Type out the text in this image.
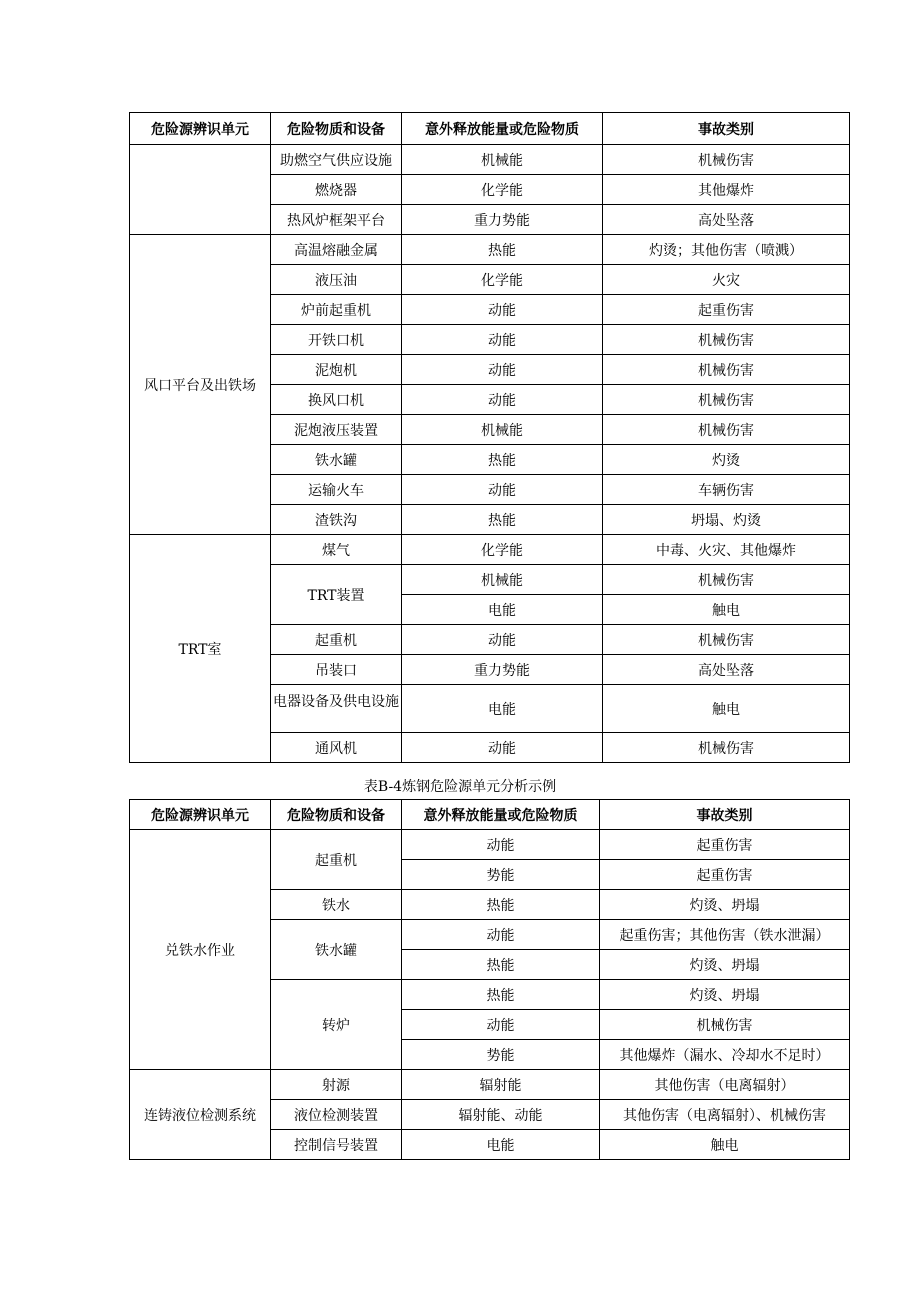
危险源辨识单元	危险物质和设备	意外释放能量或危险物质	事故类别
	助燃空气供应设施	机械能	机械伤害
	燃烧器	化学能	其他爆炸
	热风炉框架平台	重力势能	高处坠落
风口平台及出铁场	高温熔融金属	热能	灼烫；其他伤害（喷溅）
	液压油	化学能	火灾
	炉前起重机	动能	起重伤害
	开铁口机	动能	机械伤害
	泥炮机	动能	机械伤害
	换风口机	动能	机械伤害
	泥炮液压装置	机械能	机械伤害
	铁水罐	热能	灼烫
	运输火车	动能	车辆伤害
	渣铁沟	热能	坍塌、灼烫
TRT室	煤气	化学能	中毒、火灾、其他爆炸
	TRT装置	机械能	机械伤害
		电能	触电
	起重机	动能	机械伤害
	吊装口	重力势能	高处坠落
	电器设备及供电设施	电能	触电
	通风机	动能	机械伤害
表B-4炼钢危险源单元分析示例
危险源辨识单元	危险物质和设备	意外释放能量或危险物质	事故类别
兑铁水作业	起重机	动能	起重伤害
		势能	起重伤害
	铁水	热能	灼烫、坍塌
	铁水罐	动能	起重伤害；其他伤害（铁水泄漏）
		热能	灼烫、坍塌
	转炉	热能	灼烫、坍塌
		动能	机械伤害
		势能	其他爆炸（漏水、冷却水不足时）
连铸液位检测系统	射源	辐射能	其他伤害（电离辐射）
	液位检测装置	辐射能、动能	其他伤害（电离辐射）、机械伤害
	控制信号装置	电能	触电
